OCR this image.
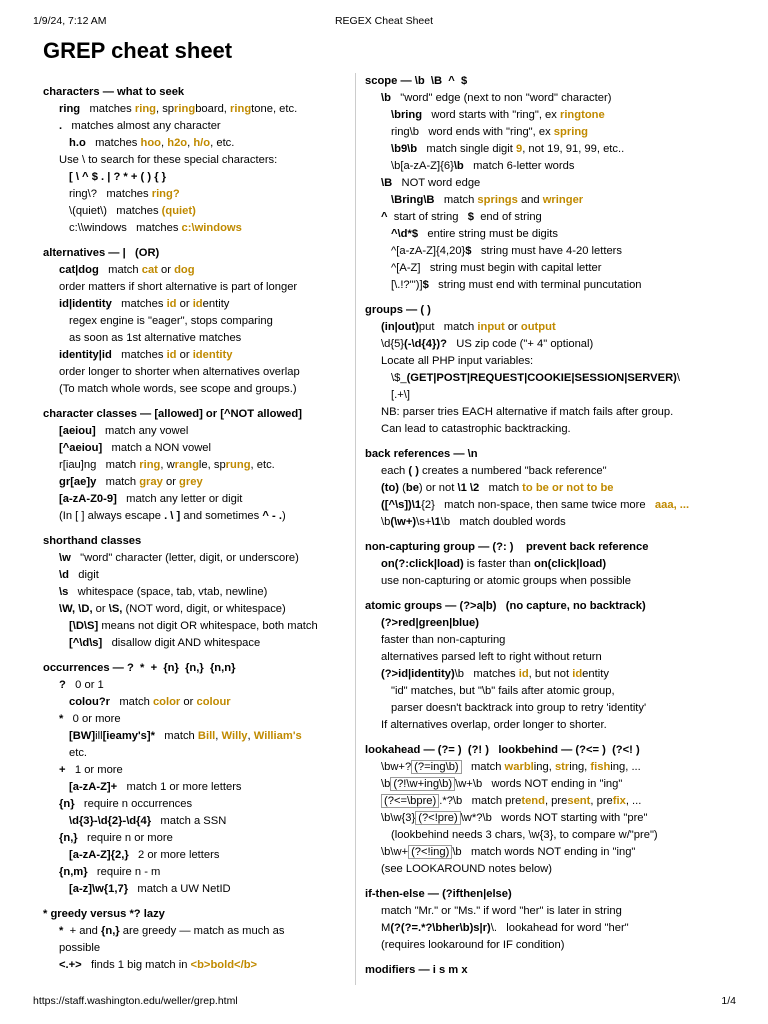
1/9/24, 7:12 AM	REGEX Cheat Sheet
GREP cheat sheet
characters — what to seek
ring   matches ring, springboard, ringtone, etc.
.   matches almost any character
h.o   matches hoo, h2o, h/o, etc.
Use \ to search for these special characters:
[ \ ^ $ . | ? * + ( ) { }
ring\?   matches ring?
\(quiet\)   matches (quiet)
c:\\windows   matches c:\windows
alternatives — |   (OR)
cat|dog   match cat or dog
order matters if short alternative is part of longer
id|identity   matches id or identity
regex engine is "eager", stops comparing
as soon as 1st alternative matches
identity|id   matches id or identity
order longer to shorter when alternatives overlap
(To match whole words, see scope and groups.)
character classes — [allowed] or [^NOT allowed]
[aeiou]   match any vowel
[^aeiou]   match a NON vowel
r[iau]ng   match ring, wrangle, sprung, etc.
gr[ae]y   match gray or grey
[a-zA-Z0-9]   match any letter or digit
(In [ ] always escape . \ ] and sometimes ^ - .)
shorthand classes
\w   "word" character (letter, digit, or underscore)
\d   digit
\s   whitespace (space, tab, vtab, newline)
\W, \D, or \S, (NOT word, digit, or whitespace)
[\D\S] means not digit OR whitespace, both match
[^\d\s]   disallow digit AND whitespace
occurrences — ?  *  +  {n}  {n,}  {n,n}
?   0 or 1
colou?r   match color or colour
*   0 or more
[BW]ill[ieamy's]*   match Bill, Willy, William's
etc.
+   1 or more
[a-zA-Z]+   match 1 or more letters
{n}   require n occurrences
\d{3}-\d{2}-\d{4}   match a SSN
{n,}   require n or more
[a-zA-Z]{2,}   2 or more letters
{n,m}   require n - m
[a-z]\w{1,7}   match a UW NetID
* greedy versus *? lazy
*  + and {n,} are greedy — match as much as
possible
<.+>   finds 1 big match in <b>bold</b>
scope — \b  \B  ^  $
\b   "word" edge (next to non "word" character)
\bring   word starts with "ring", ex ringtone
ring\b   word ends with "ring", ex spring
\b9\b   match single digit 9, not 19, 91, 99, etc..
\b[a-zA-Z]{6}\b   match 6-letter words
\B   NOT word edge
\Bring\B   match springs and wringer
^  start of string   $  end of string
^\d*$   entire string must be digits
^[a-zA-Z]{4,20}$   string must have 4-20 letters
^[A-Z]   string must begin with capital letter
[\.!?"')]$   string must end with terminal puncutation
groups — ( )
(in|out)put   match input or output
\d{5}(-\d{4})?   US zip code ("+ 4" optional)
Locate all PHP input variables:
\$_(GET|POST|REQUEST|COOKIE|SESSION|SERVER)\
[.+\]
NB: parser tries EACH alternative if match fails after group.
Can lead to catastrophic backtracking.
back references — \n
each ( ) creates a numbered "back reference"
(to) (be) or not \1 \2   match to be or not to be
([^\s])\1{2}   match non-space, then same twice more   aaa, ...
\b(\w+)\s+\1\b   match doubled words
non-capturing group — (?: )    prevent back reference
on(?:click|load) is faster than on(click|load)
use non-capturing or atomic groups when possible
atomic groups — (?>a|b)   (no capture, no backtrack)
(?>red|green|blue)
faster than non-capturing
alternatives parsed left to right without return
(?>id|identity)\b   matches id, but not identity
"id" matches, but "\b" fails after atomic group,
parser doesn't backtrack into group to retry 'identity'
If alternatives overlap, order longer to shorter.
lookahead — (?= )  (?! )   lookbehind — (?<= )  (?<! )
\bw+? (?=ing\b)   match warbling, string, fishing, ...
\b (?!\w+ing\b) \w+\b   words NOT ending in "ing"
(?<=\bpre) .*?\b   match pretend, present, prefix, ...
\b\w{3} (?<!pre) \w*?\b   words NOT starting with "pre"
(lookbehind needs 3 chars, \w{3}, to compare w/"pre")
\b\w+ (?<!ing) \b   match words NOT ending in "ing"
(see LOOKAROUND notes below)
if-then-else — (?ifthen|else)
match "Mr." or "Ms." if word "her" is later in string
M(?(?=.*?\bher\b)s|r)\.   lookahead for word "her"
(requires lookaround for IF condition)
modifiers — i s m x
https://staff.washington.edu/weller/grep.html	1/4
